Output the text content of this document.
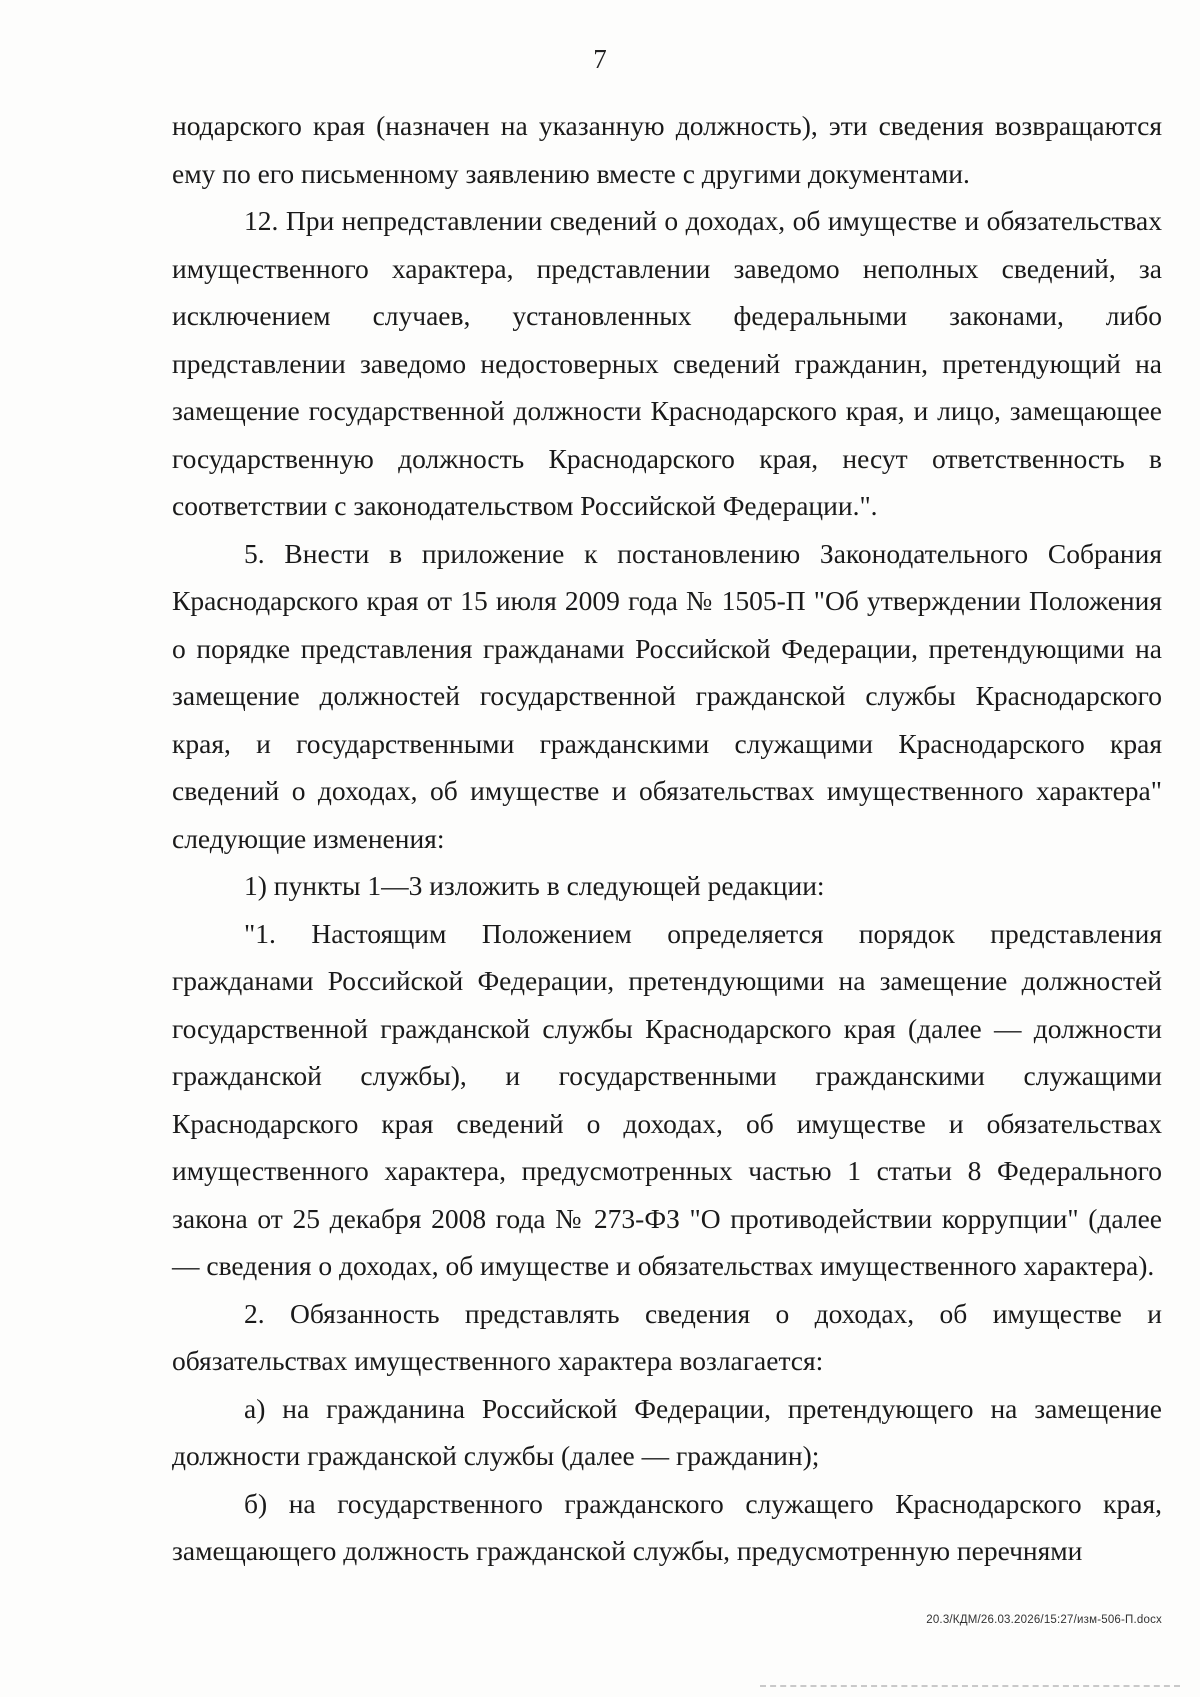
7

нодарского края (назначен на указанную должность), эти сведения возвращаются ему по его письменному заявлению вместе с другими документами.

12. При непредставлении сведений о доходах, об имуществе и обязательствах имущественного характера, представлении заведомо неполных сведений, за исключением случаев, установленных федеральными законами, либо представлении заведомо недостоверных сведений гражданин, претендующий на замещение государственной должности Краснодарского края, и лицо, замещающее государственную должность Краснодарского края, несут ответственность в соответствии с законодательством Российской Федерации.".

5. Внести в приложение к постановлению Законодательного Собрания Краснодарского края от 15 июля 2009 года № 1505-П "Об утверждении Положения о порядке представления гражданами Российской Федерации, претендующими на замещение должностей государственной гражданской службы Краснодарского края, и государственными гражданскими служащими Краснодарского края сведений о доходах, об имуществе и обязательствах имущественного характера" следующие изменения:

1) пункты 1—3 изложить в следующей редакции:

"1. Настоящим Положением определяется порядок представления гражданами Российской Федерации, претендующими на замещение должностей государственной гражданской службы Краснодарского края (далее — должности гражданской службы), и государственными гражданскими служащими Краснодарского края сведений о доходах, об имуществе и обязательствах имущественного характера, предусмотренных частью 1 статьи 8 Федерального закона от 25 декабря 2008 года № 273-ФЗ "О противодействии коррупции" (далее — сведения о доходах, об имуществе и обязательствах имущественного характера).

2. Обязанность представлять сведения о доходах, об имуществе и обязательствах имущественного характера возлагается:

а) на гражданина Российской Федерации, претендующего на замещение должности гражданской службы (далее — гражданин);

б) на государственного гражданского служащего Краснодарского края, замещающего должность гражданской службы, предусмотренную перечнями

20.3/КДМ/26.03.2026/15:27/изм-506-П.docx
